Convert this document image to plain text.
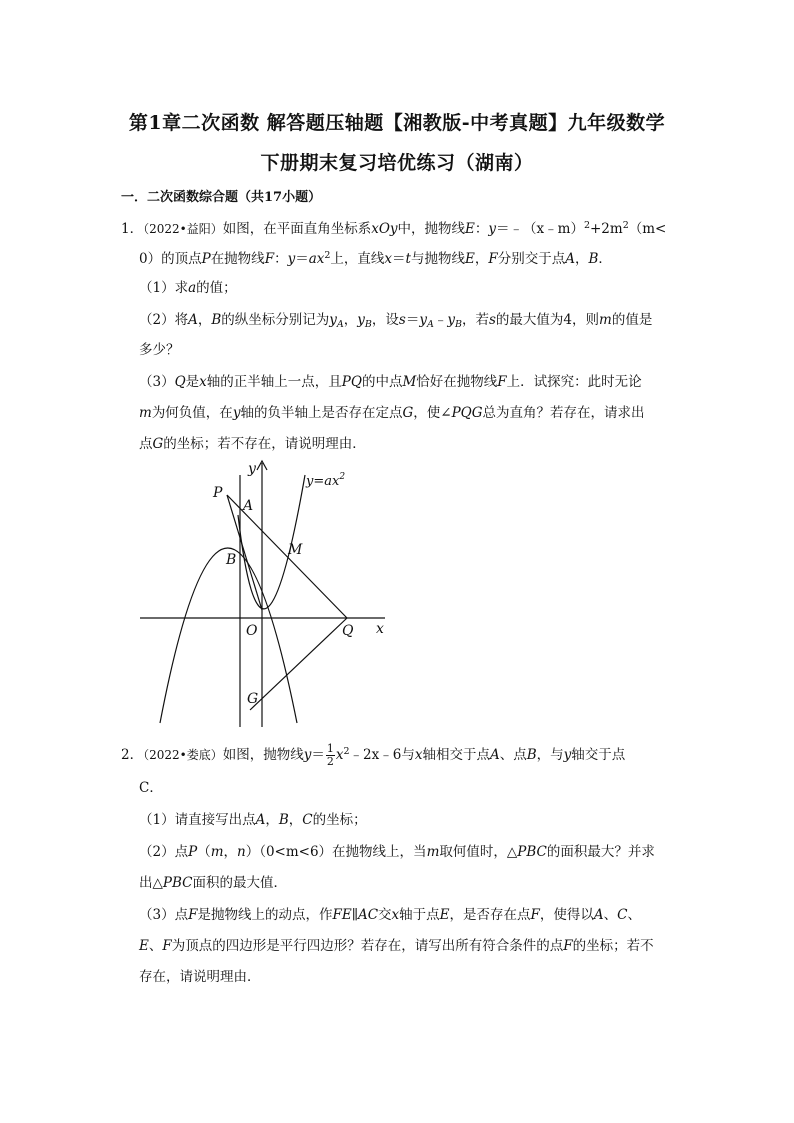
第1章二次函数 解答题压轴题【湘教版-中考真题】九年级数学
下册期末复习培优练习（湖南）
一．二次函数综合题（共17小题）
1．（2022•益阳）如图，在平面直角坐标系xOy中，抛物线E：$y=﹣(x﹣m)^2+2m^2(m<$
0）的顶点P在抛物线F：$y=ax^2$上，直线x＝t与抛物线E，F分别交于点A，B．
（1）求a的值；
（2）将A，B的纵坐标分别记为$y_A$，$y_B$，设$s=y_A﹣y_B$，若s的最大值为4，则m的值是
多少？
（3）Q是x轴的正半轴上一点，且PQ的中点M恰好在抛物线F上．试探究：此时无论
m为何负值，在y轴的负半轴上是否存在定点G，使∠PQG总为直角？若存在，请求出
点G的坐标；若不存在，请说明理由．
y
x
$y=ax^2$
P
A
B
M
O	Q
G
2．（2022•娄底）如图，抛物线$y= \frac{1}{2}$ $x^2﹣2x﹣6$与x轴相交于点A、点B，与y轴交于点
C．
（1）请直接写出点A，B，C的坐标；
（2）点P（m，n）（0<m<6）在抛物线上，当m取何值时，△PBC的面积最大？并求
出△PBC面积的最大值．
（3）点F是抛物线上的动点，作FE∥AC交x轴于点E，是否存在点F，使得以A、C、
E、F为顶点的四边形是平行四边形？若存在，请写出所有符合条件的点F的坐标；若不
存在，请说明理由．
